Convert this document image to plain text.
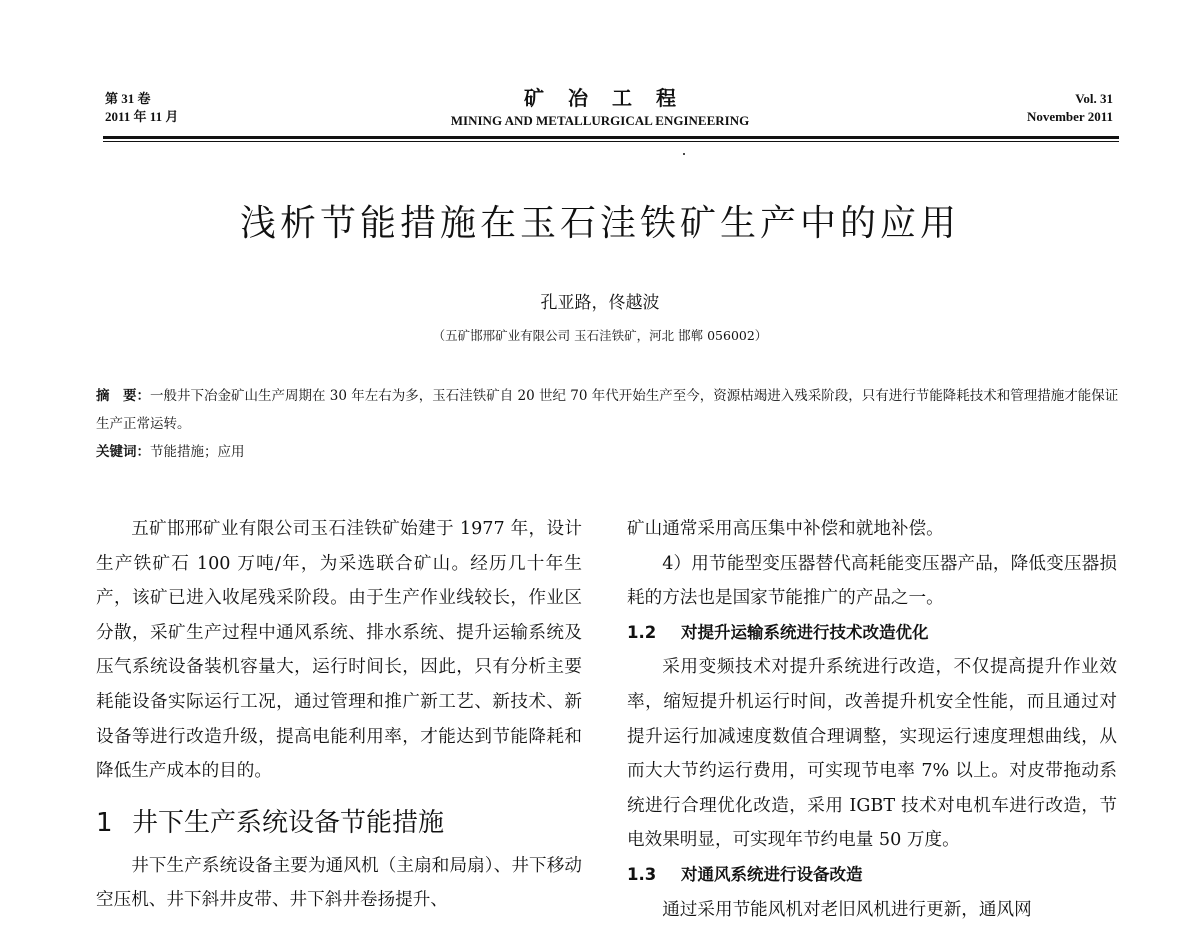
第 31 卷
2011 年 11 月
矿冶工程
MINING AND METALLURGICAL ENGINEERING
Vol. 31
November 2011
浅析节能措施在玉石洼铁矿生产中的应用
孔亚路，佟越波
（五矿邯邢矿业有限公司 玉石洼铁矿，河北 邯郸 056002）
摘　要：一般井下冶金矿山生产周期在 30 年左右为多，玉石洼铁矿自 20 世纪 70 年代开始生产至今，资源枯竭进入残采阶段，只有进行节能降耗技术和管理措施才能保证生产正常运转。
关键词：节能措施；应用

五矿邯邢矿业有限公司玉石洼铁矿始建于 1977 年，设计生产铁矿石 100 万吨/年，为采选联合矿山。经历几十年生产，该矿已进入收尾残采阶段。由于生产作业线较长，作业区分散，采矿生产过程中通风系统、排水系统、提升运输系统及压气系统设备装机容量大，运行时间长，因此，只有分析主要耗能设备实际运行工况，通过管理和推广新工艺、新技术、新设备等进行改造升级，提高电能利用率，才能达到节能降耗和降低生产成本的目的。

1 井下生产系统设备节能措施

井下生产系统设备主要为通风机（主扇和局扇）、井下移动空压机、井下斜井皮带、井下斜井卷扬提升、

矿山通常采用高压集中补偿和就地补偿。

4）用节能型变压器替代高耗能变压器产品，降低变压器损耗的方法也是国家节能推广的产品之一。

1.2 对提升运输系统进行技术改造优化

采用变频技术对提升系统进行改造，不仅提高提升作业效率，缩短提升机运行时间，改善提升机安全性能，而且通过对提升运行加减速度数值合理调整，实现运行速度理想曲线，从而大大节约运行费用，可实现节电率 7% 以上。对皮带拖动系统进行合理优化改造，采用 IGBT 技术对电机车进行改造，节电效果明显，可实现年节约电量 50 万度。

1.3 对通风系统进行设备改造

通过采用节能风机对老旧风机进行更新，通风网
